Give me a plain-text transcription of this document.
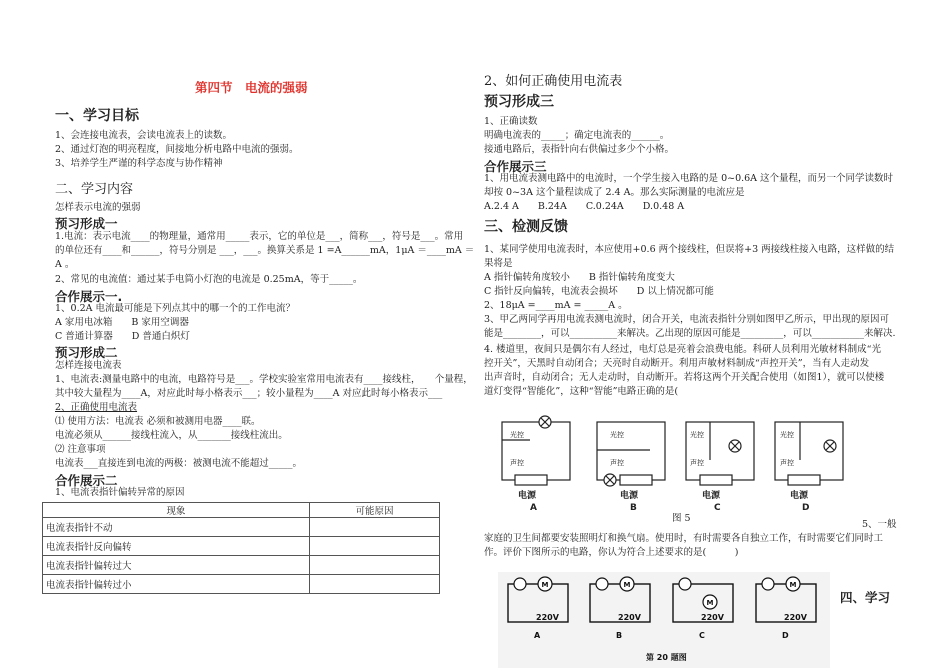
第四节　电流的强弱
一、学习目标
1、会连接电流表，会读电流表上的读数。
2、通过灯泡的明亮程度，间接地分析电路中电流的强弱。
3、培养学生严谨的科学态度与协作精神
二、学习内容
怎样表示电流的强弱
预习形成一
1.电流：表示电流____的物理量，通常用_____表示，它的单位是___，简称___，符号是___。常用
的单位还有____和______，符号分别是 ___，___。换算关系是 1 =A______mA，1μA ＝____mA ＝
A 。
2、常见的电流值：通过某手电筒小灯泡的电流是 0.25mA，等于_____。
合作展示一.
1、0.2A 电流最可能是下列点其中的哪一个的工作电流？
A 家用电冰箱　　B 家用空调器
C 普通计算器　　D 普通白炽灯
预习形成二
怎样连接电流表
1、电流表:测量电路中的电流，电路符号是___。学校实验室常用电流表有____接线柱，　　个量程，
其中较大量程为____A，对应此时每小格表示___；较小量程为____A 对应此时每小格表示___
2、正确使用电流表
⑴ 使用方法：电流表 必须和被测用电器____联。
电流必须从______接线柱流入，从_______接线柱流出。
⑵ 注意事项
电流表___直接连到电流的两极：被测电流不能超过_____。
合作展示二
1、电流表指针偏转异常的原因
现象	可能原因
电流表指针不动	
电流表指针反向偏转	
电流表指针偏转过大	
电流表指针偏转过小	
2、如何正确使用电流表
预习形成三
1、正确读数
明确电流表的_____；确定电流表的______。
接通电路后，表指针向右供偏过多少个小格。
合作展示三
1、用电流表测电路中的电流时，一个学生接入电路的是 0~0.6A 这个量程，而另一个同学读数时
却按 0~3A 这个量程读成了 2.4 A。那么实际测量的电流应是
A.2.4 A　　B.24A　　C.0.24A　　D.0.48 A
三、检测反馈
1、某同学使用电流表时，本应使用+0.6 两个接线柱，但误将+3 两接线柱接入电路，这样做的结
果将是
A 指针偏转角度较小　　B 指针偏转角度变大
C 指针反向偏转，电流表会损坏　　D 以上情况都可能
2、18μA =____mA = _____A 。
3、甲乙两同学再用电流表测电流时，闭合开关，电流表指针分别如图甲乙所示，甲出现的原因可
能是________，可以__________来解决。乙出现的原因可能是_________，可以___________来解决.
4. 楼道里，夜间只是偶尔有人经过，电灯总是亮着会浪费电能。科研人员利用光敏材料制成“光
控开关”，天黑时自动闭合；天亮时自动断开。利用声敏材料制成“声控开关”，当有人走动发
出声音时，自动闭合；无人走动时，自动断开。若将这两个开关配合使用（如图1），就可以使楼
道灯变得“智能化”，这种“智能”电路正确的是(
光控
声控
光控
声控
光控
声控
光控
声控
电源	电源	电源	电源
A	B	C	D
图 5
5、一般
家庭的卫生间都要安装照明灯和换气扇。使用时，有时需要各自独立工作，有时需要它们同时工
作。评价下图所示的电路，你认为符合上述要求的是(　　　)
M	M
M
M
220V	220V	220V	220V
A	B	C	D
第 20 题图
四、学习
